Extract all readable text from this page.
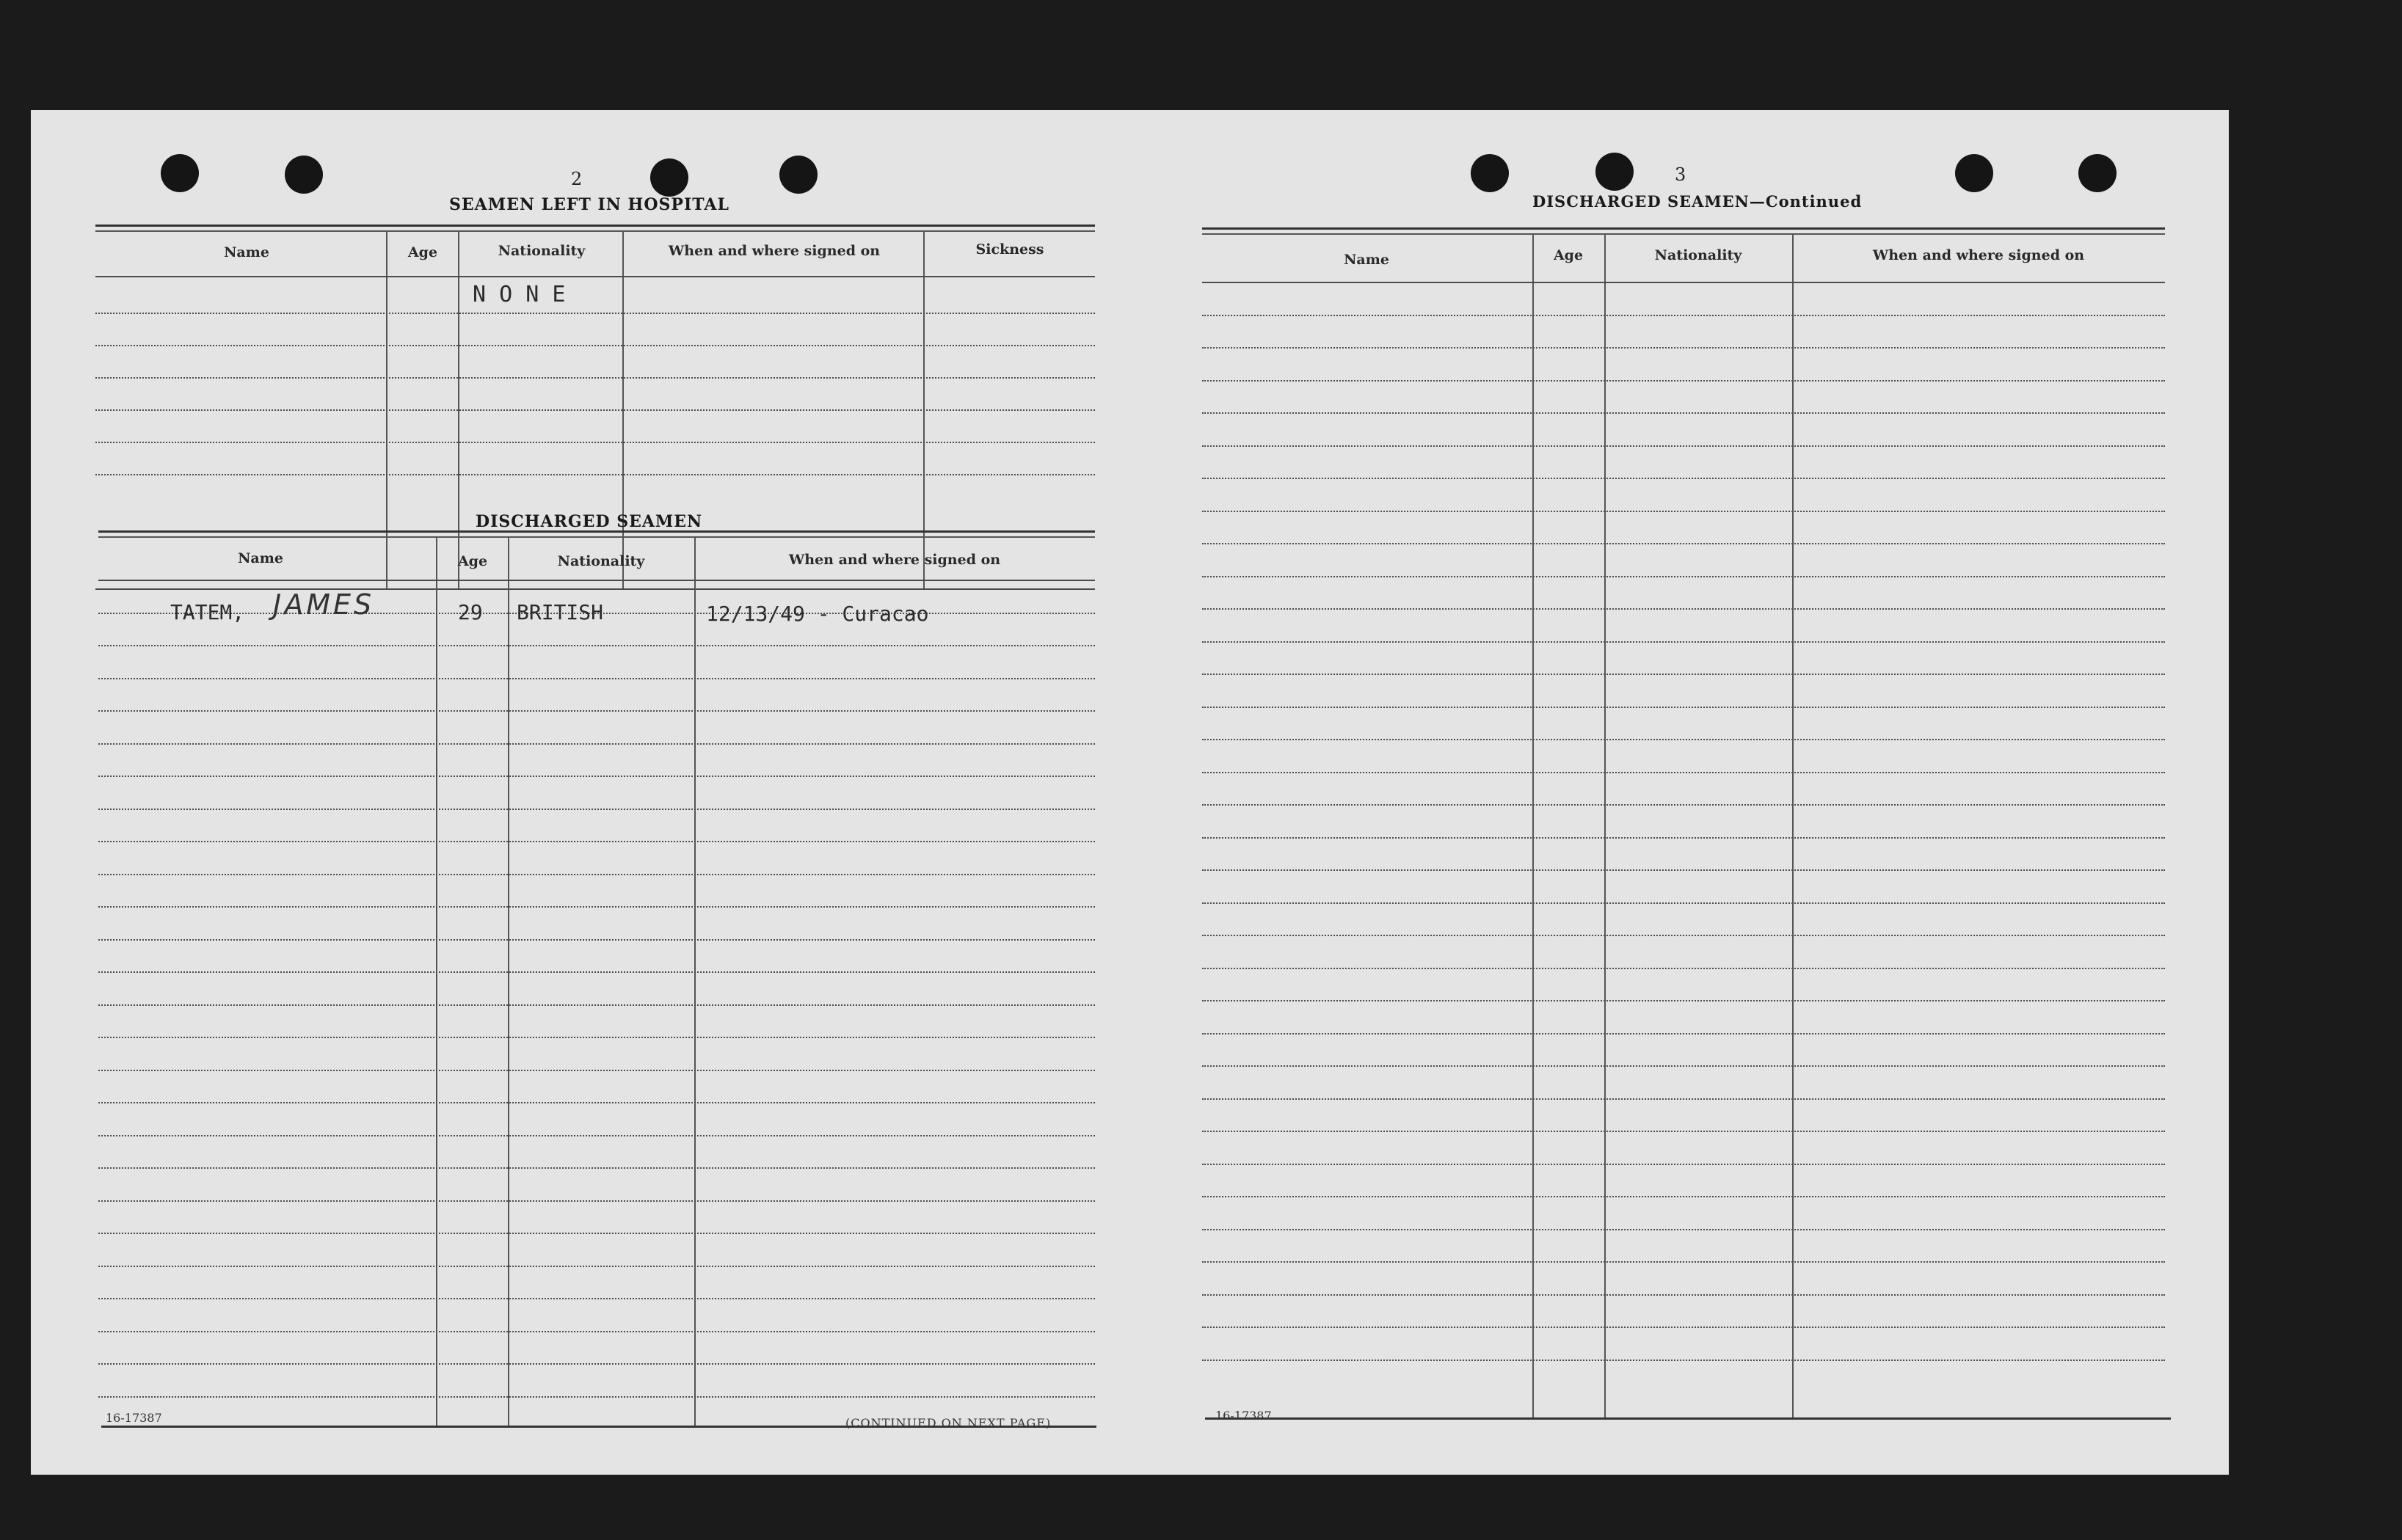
2
SEAMEN LEFT IN HOSPITAL
Name	Age	Nationality	When and where signed on	Sickness
N O N E
DISCHARGED SEAMEN
Name	Age	Nationality	When and where signed on
TATEM, JAMES	29 BRITISH	12/13/49 - Curacao
16-17387	(CONTINUED ON NEXT PAGE)
3
DISCHARGED SEAMEN—Continued
Name	Age	Nationality	When and where signed on
16-17387
